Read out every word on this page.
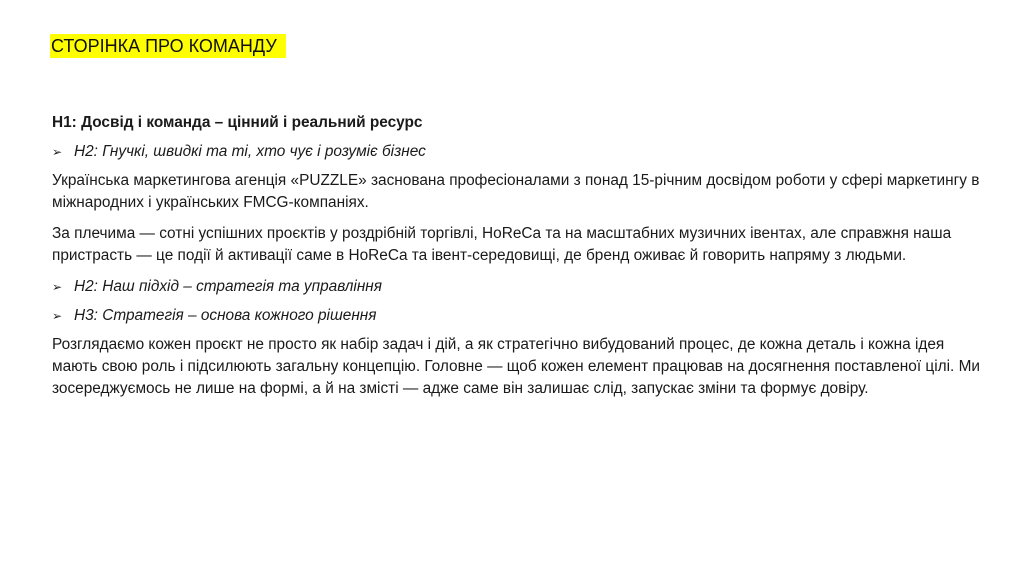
СТОРІНКА ПРО КОМАНДУ
Н1: Досвід і команда – цінний і реальний ресурс
➢ Н2: Гнучкі, швидкі та ті, хто чує і розуміє бізнес
Українська маркетингова агенція «PUZZLE» заснована професіоналами з понад 15-річним досвідом роботи у сфері маркетингу в міжнародних і українських FMCG-компаніях.
За плечима — сотні успішних проєктів у роздрібній торгівлі, HoReCa та на масштабних музичних івентах, але справжня наша пристрасть — це події й активації саме в HoReCa та івент-середовищі, де бренд оживає й говорить напряму з людьми.
➢ Н2: Наш підхід – стратегія та управління
➢ Н3: Стратегія – основа кожного рішення
Розглядаємо кожен проєкт не просто як набір задач і дій, а як стратегічно вибудований процес, де кожна деталь і кожна ідея мають свою роль і підсилюють загальну концепцію. Головне — щоб кожен елемент працював на досягнення поставленої цілі. Ми зосереджуємось не лише на формі, а й на змісті — адже саме він залишає слід, запускає зміни та формує довіру.
